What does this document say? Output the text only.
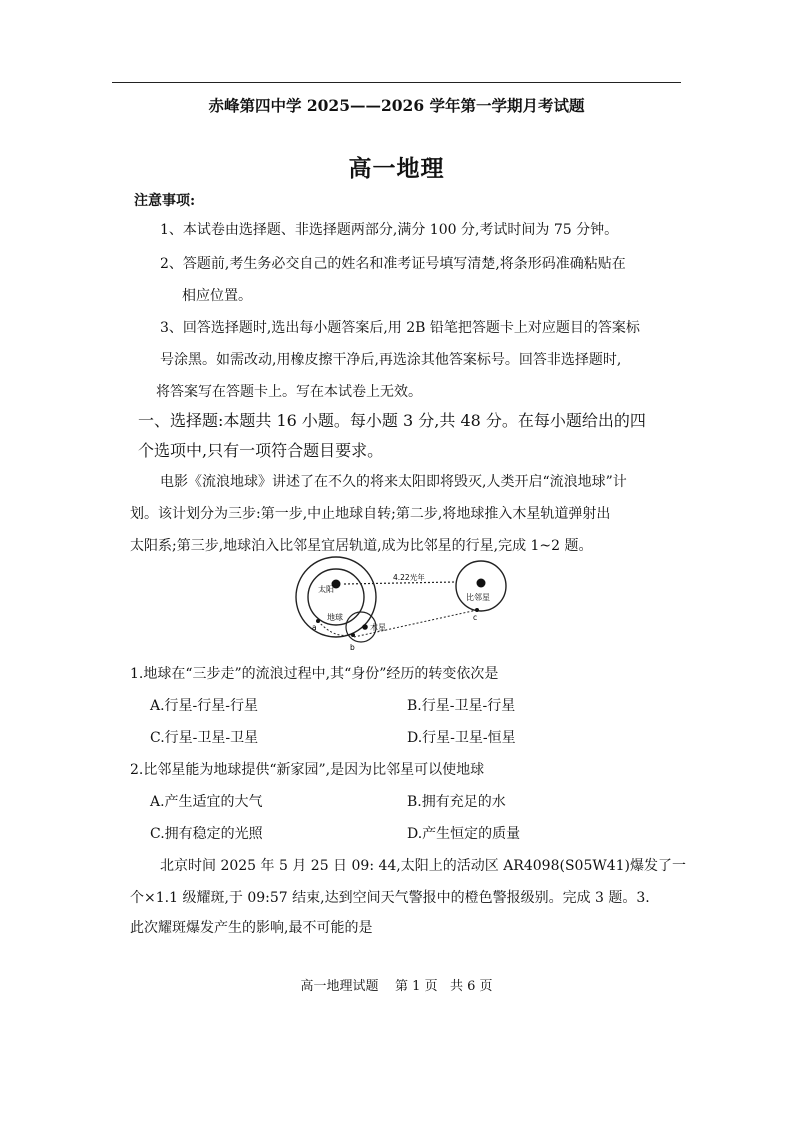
赤峰第四中学 2025——2026 学年第一学期月考试题
高一地理
注意事项:
1、本试卷由选择题、非选择题两部分,满分 100 分,考试时间为 75 分钟。
2、答题前,考生务必交自己的姓名和准考证号填写清楚,将条形码准确粘贴在
相应位置。
3、回答选择题时,选出每小题答案后,用 2B 铅笔把答题卡上对应题目的答案标
号涂黑。如需改动,用橡皮擦干净后,再选涂其他答案标号。回答非选择题时,
将答案写在答题卡上。写在本试卷上无效。
一、选择题:本题共 16 小题。每小题 3 分,共 48 分。在每小题给出的四
个选项中,只有一项符合题目要求。
电影《流浪地球》讲述了在不久的将来太阳即将毁灭,人类开启“流浪地球”计
划。该计划分为三步:第一步,中止地球自转;第二步,将地球推入木星轨道弹射出
太阳系;第三步,地球泊入比邻星宜居轨道,成为比邻星的行星,完成 1~2 题。
太阳
地球
木星
比邻星
4.22光年
a
b
c
1.地球在“三步走”的流浪过程中,其“身份”经历的转变依次是
A.行星-行星-行星	B.行星-卫星-行星
C.行星-卫星-卫星	D.行星-卫星-恒星
2.比邻星能为地球提供“新家园”,是因为比邻星可以使地球
A.产生适宜的大气	B.拥有充足的水
C.拥有稳定的光照	D.产生恒定的质量
北京时间 2025 年 5 月 25 日 09: 44,太阳上的活动区 AR4098(S05W41)爆发了一
个×1.1 级耀斑,于 09:57 结束,达到空间天气警报中的橙色警报级别。完成 3 题。3.
此次耀斑爆发产生的影响,最不可能的是
高一地理试题    第 1 页   共 6 页
